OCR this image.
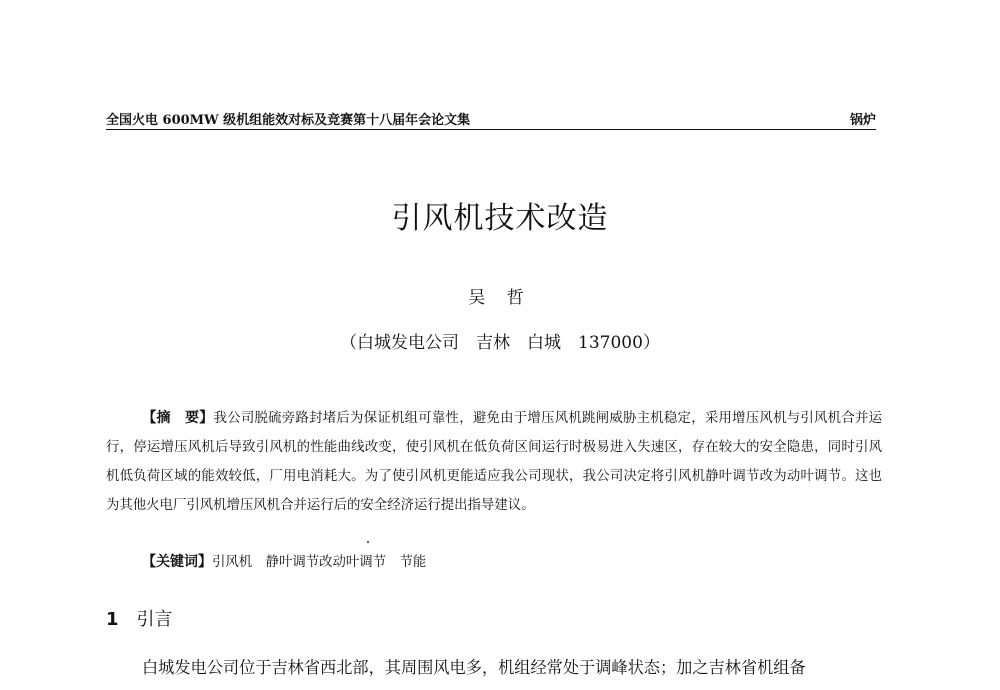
全国火电 600MW 级机组能效对标及竞赛第十八届年会论文集	锅炉
引风机技术改造
吴 哲
（白城发电公司　吉林　白城　137000）
【摘　要】我公司脱硫旁路封堵后为保证机组可靠性，避免由于增压风机跳闸威胁主机稳定，采用增压风机与引风机合并运行，停运增压风机后导致引风机的性能曲线改变，使引风机在低负荷区间运行时极易进入失速区，存在较大的安全隐患，同时引风机低负荷区域的能效较低，厂用电消耗大。为了使引风机更能适应我公司现状，我公司决定将引风机静叶调节改为动叶调节。这也为其他火电厂引风机增压风机合并运行后的安全经济运行提出指导建议。
【关键词】引风机　静叶调节改动叶调节　节能
1 引言
白城发电公司位于吉林省西北部，其周围风电多，机组经常处于调峰状态；加之吉林省机组备
